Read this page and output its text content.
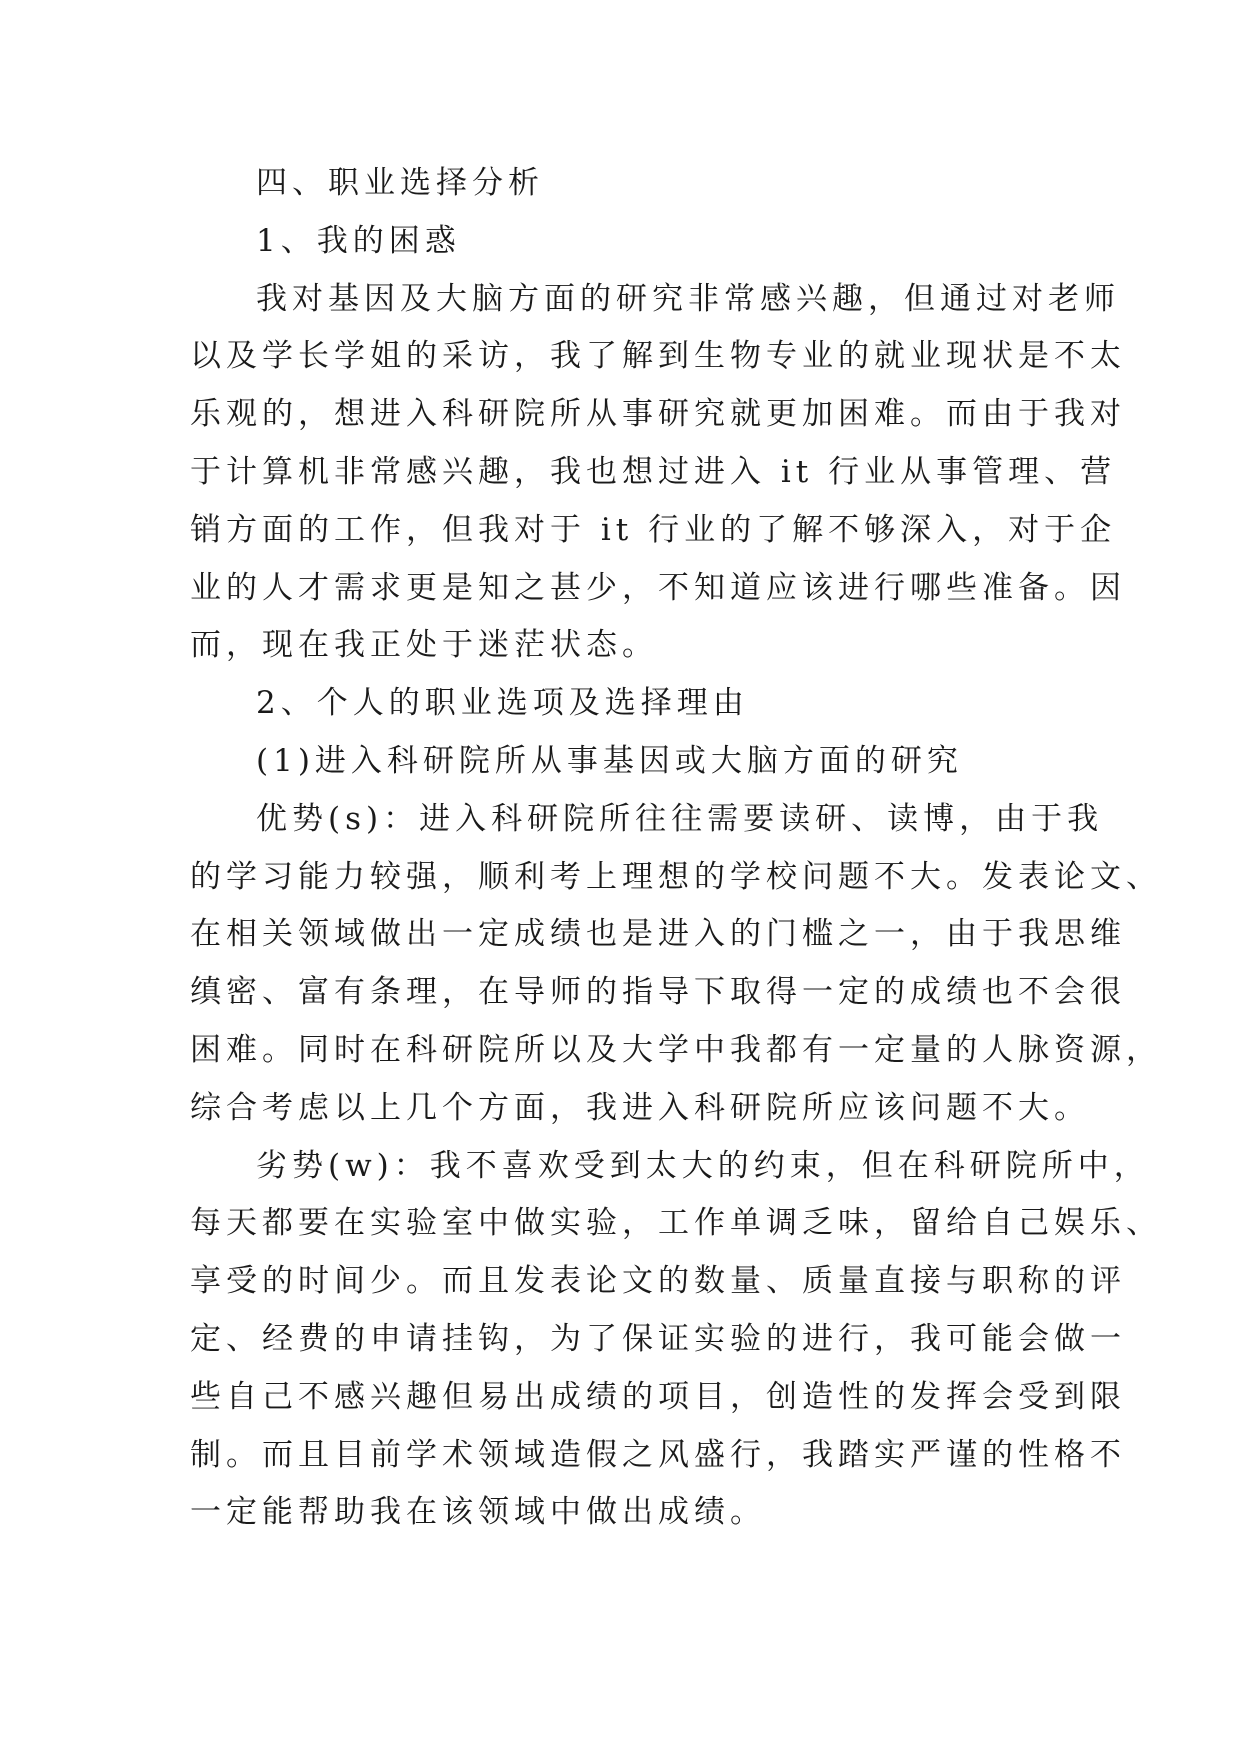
四、职业选择分析
1、我的困惑
我对基因及大脑方面的研究非常感兴趣，但通过对老师
以及学长学姐的采访，我了解到生物专业的就业现状是不太
乐观的，想进入科研院所从事研究就更加困难。而由于我对
于计算机非常感兴趣，我也想过进入 it 行业从事管理、营
销方面的工作，但我对于 it 行业的了解不够深入，对于企
业的人才需求更是知之甚少，不知道应该进行哪些准备。因
而，现在我正处于迷茫状态。
2、个人的职业选项及选择理由
(1)进入科研院所从事基因或大脑方面的研究
优势(s)：进入科研院所往往需要读研、读博，由于我
的学习能力较强，顺利考上理想的学校问题不大。发表论文、
在相关领域做出一定成绩也是进入的门槛之一，由于我思维
缜密、富有条理，在导师的指导下取得一定的成绩也不会很
困难。同时在科研院所以及大学中我都有一定量的人脉资源，
综合考虑以上几个方面，我进入科研院所应该问题不大。
劣势(w)：我不喜欢受到太大的约束，但在科研院所中，
每天都要在实验室中做实验，工作单调乏味，留给自己娱乐、
享受的时间少。而且发表论文的数量、质量直接与职称的评
定、经费的申请挂钩，为了保证实验的进行，我可能会做一
些自己不感兴趣但易出成绩的项目，创造性的发挥会受到限
制。而且目前学术领域造假之风盛行，我踏实严谨的性格不
一定能帮助我在该领域中做出成绩。
